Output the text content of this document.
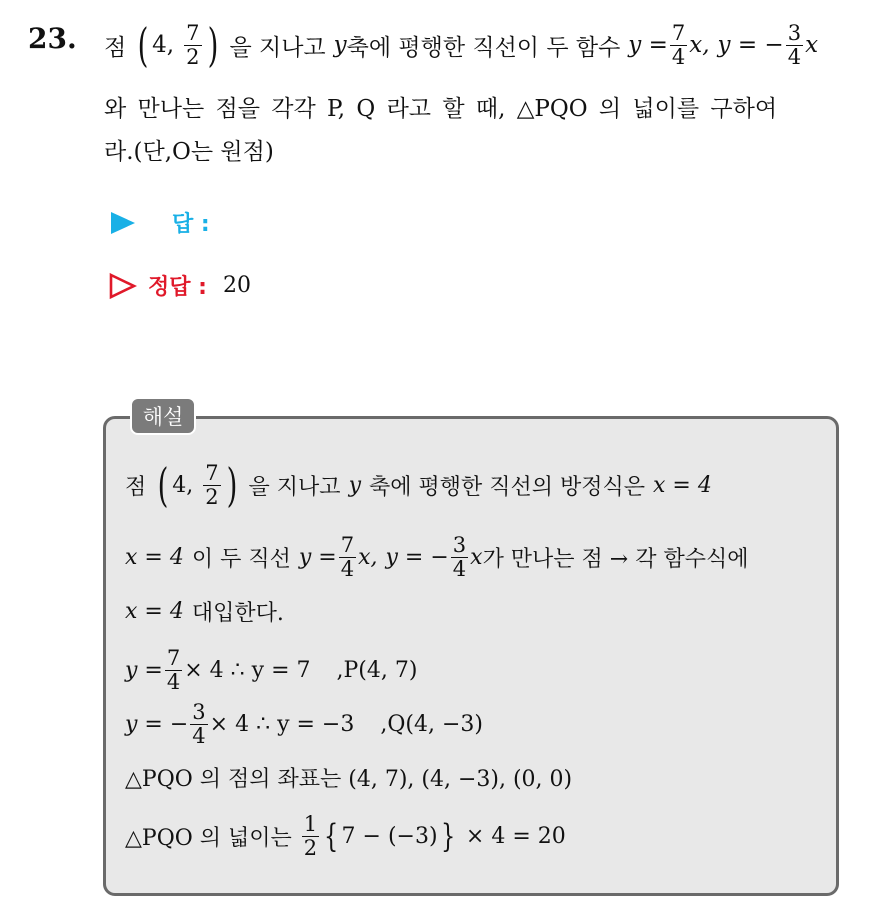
23. 점 ( 4, $\frac{7}{2}$ ) 을 지나고 y 축에 평행한 직선이 두 함수 $y = \frac{7}{4} x$, y = − $\frac{3}{4}$ x
와 만나는 점을 각각 P, Q 라고 할 때, △PQO 의 넓이를 구하여
라.(단,O는 원점)
답 :
정답 : 20
해설
점 ( 4, $\frac{7}{2}$ ) 을 지나고 y 축에 평행한 직선의 방정식은 x = 4
x = 4 이 두 직선 $y = \frac{7}{4} x$, y = − $\frac{3}{4}$ x 가 만나는 점 → 각 함수식에
x = 4 대입한다.
$y = \frac{7}{4} \times 4$ ∴ y = 7 ,P(4, 7)
y = − $\frac{3}{4} \times 4$ ∴ y = −3 ,Q(4, −3)
△PQO 의 점의 좌표는 (4, 7), (4, −3), (0, 0)
△PQO 의 넓이는 $\frac{1}{2}$ { 7 − (−3) } × 4 = 20
